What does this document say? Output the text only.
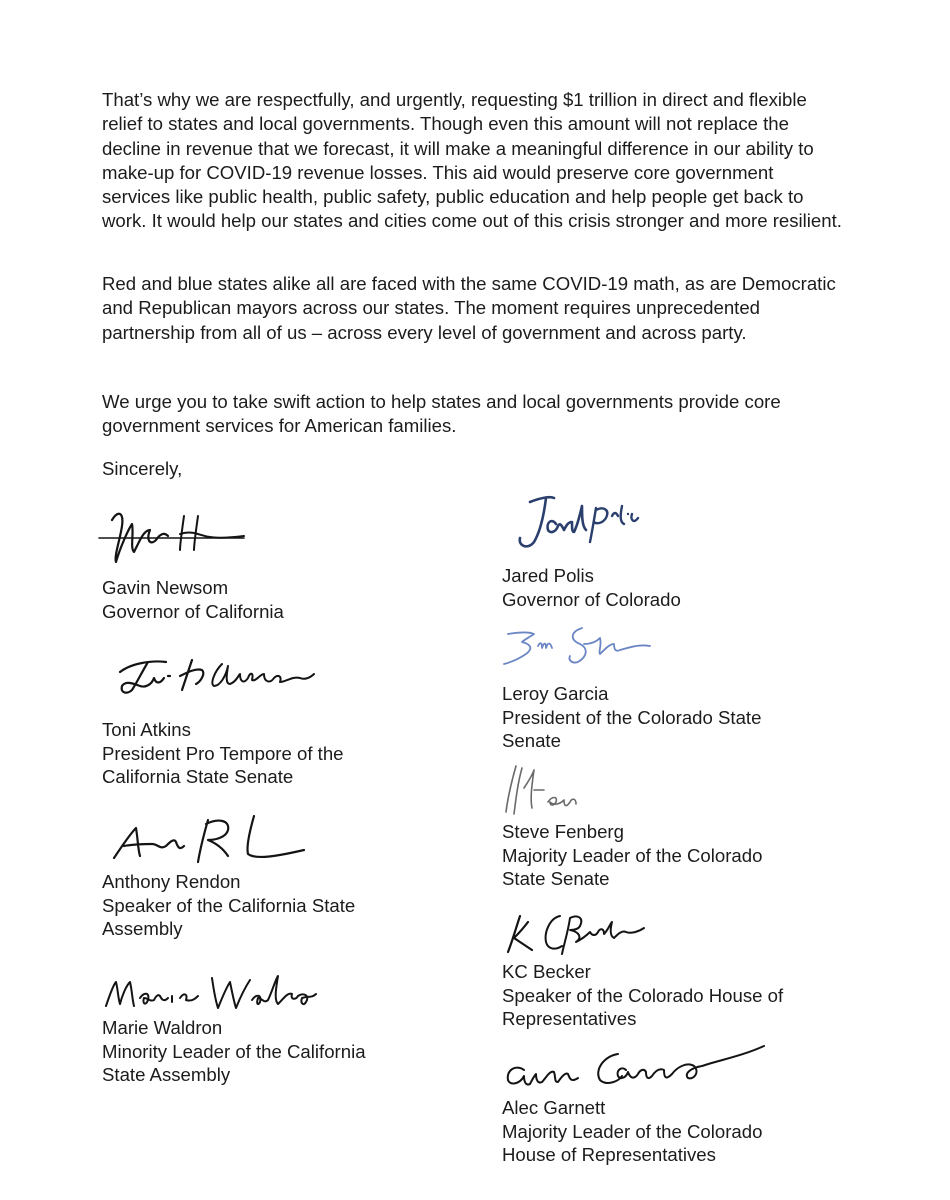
That’s why we are respectfully, and urgently, requesting $1 trillion in direct and flexible relief to states and local governments. Though even this amount will not replace the decline in revenue that we forecast, it will make a meaningful difference in our ability to make-up for COVID-19 revenue losses. This aid would preserve core government services like public health, public safety, public education and help people get back to work. It would help our states and cities come out of this crisis stronger and more resilient.

Red and blue states alike all are faced with the same COVID-19 math, as are Democratic and Republican mayors across our states. The moment requires unprecedented partnership from all of us – across every level of government and across party.

We urge you to take swift action to help states and local governments provide core government services for American families.

Sincerely,
Gavin Newsom
Governor of California
Toni Atkins
President Pro Tempore of the
California State Senate
Anthony Rendon
Speaker of the California State
Assembly
Marie Waldron
Minority Leader of the California
State Assembly
Jared Polis
Governor of Colorado
Leroy Garcia
President of the Colorado State
Senate
Steve Fenberg
Majority Leader of the Colorado
State Senate
KC Becker
Speaker of the Colorado House of
Representatives
Alec Garnett
Majority Leader of the Colorado
House of Representatives
